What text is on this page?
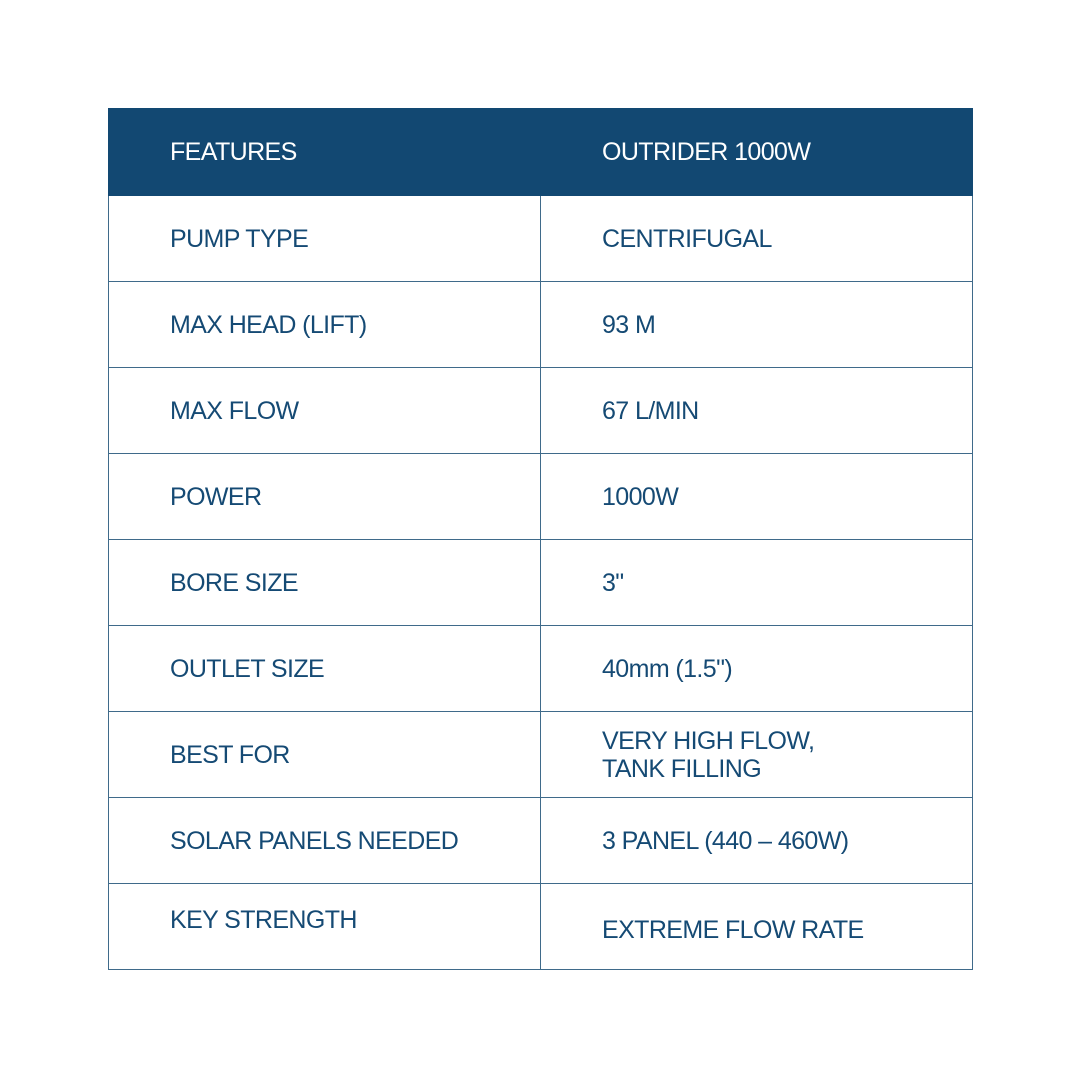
FEATURES	OUTRIDER 1000W
PUMP TYPE	CENTRIFUGAL
MAX HEAD (LIFT)	93 M
MAX FLOW	67 L/MIN
POWER	1000W
BORE SIZE	3"
OUTLET SIZE	40mm (1.5")
BEST FOR	VERY HIGH FLOW,
TANK FILLING

SOLAR PANELS NEEDED	3 PANEL (440 – 460W)
KEY STRENGTH	EXTREME FLOW RATE
